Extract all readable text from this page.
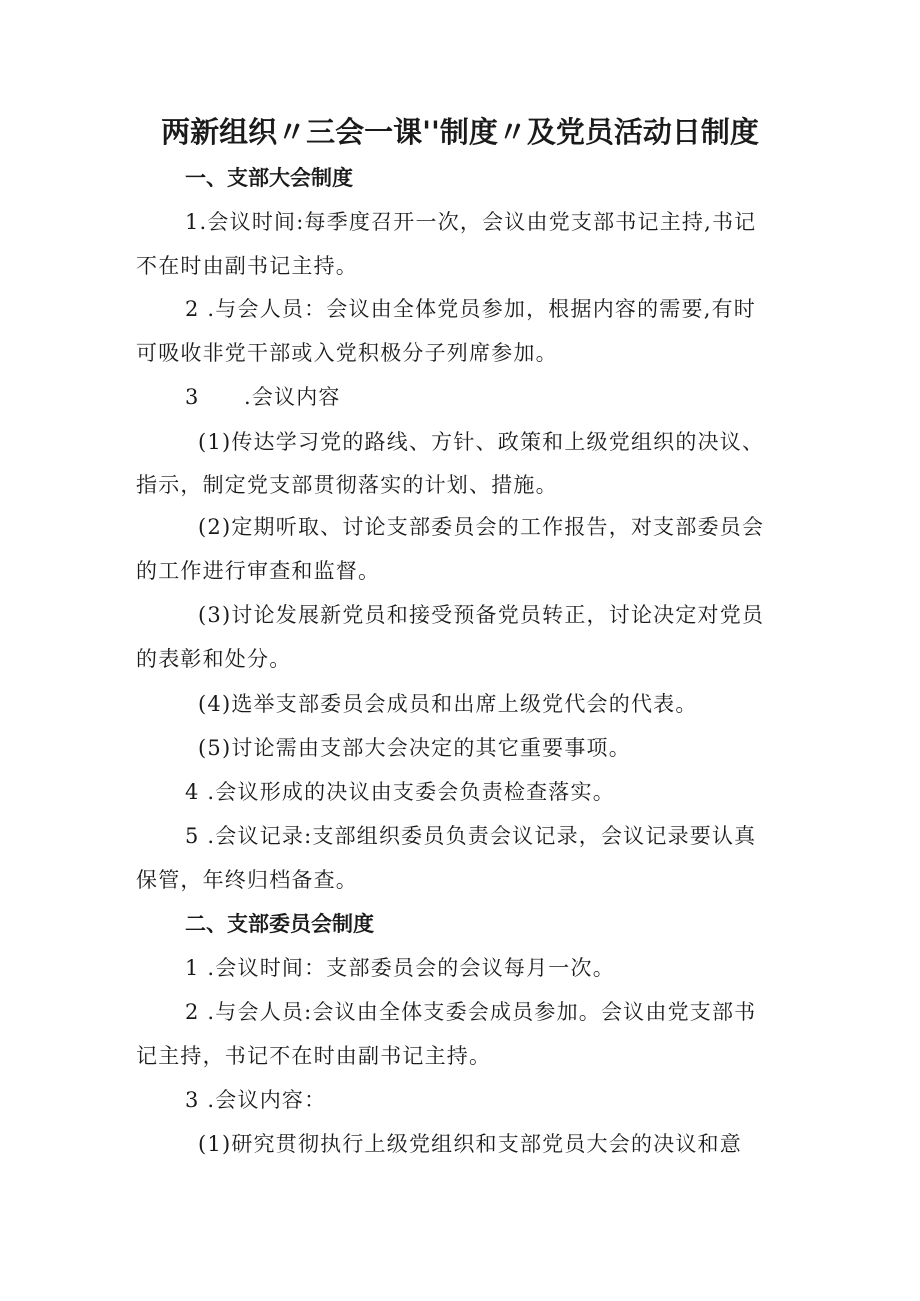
两新组织〃三会一课''制度〃及党员活动日制度
一、支部大会制度
1.会议时间:每季度召开一次，会议由党支部书记主持,书记
不在时由副书记主持。
2 .与会人员：会议由全体党员参加，根据内容的需要,有时
可吸收非党干部或入党积极分子列席参加。
3　　.会议内容
(1)传达学习党的路线、方针、政策和上级党组织的决议、
指示，制定党支部贯彻落实的计划、措施。
(2)定期听取、讨论支部委员会的工作报告，对支部委员会
的工作进行审查和监督。
(3)讨论发展新党员和接受预备党员转正，讨论决定对党员
的表彰和处分。
(4)选举支部委员会成员和出席上级党代会的代表。
(5)讨论需由支部大会决定的其它重要事项。
4 .会议形成的决议由支委会负责检查落实。
5 .会议记录:支部组织委员负责会议记录，会议记录要认真
保管，年终归档备查。
二、支部委员会制度
1 .会议时间：支部委员会的会议每月一次。
2 .与会人员:会议由全体支委会成员参加。会议由党支部书
记主持，书记不在时由副书记主持。
3 .会议内容：
(1)研究贯彻执行上级党组织和支部党员大会的决议和意
